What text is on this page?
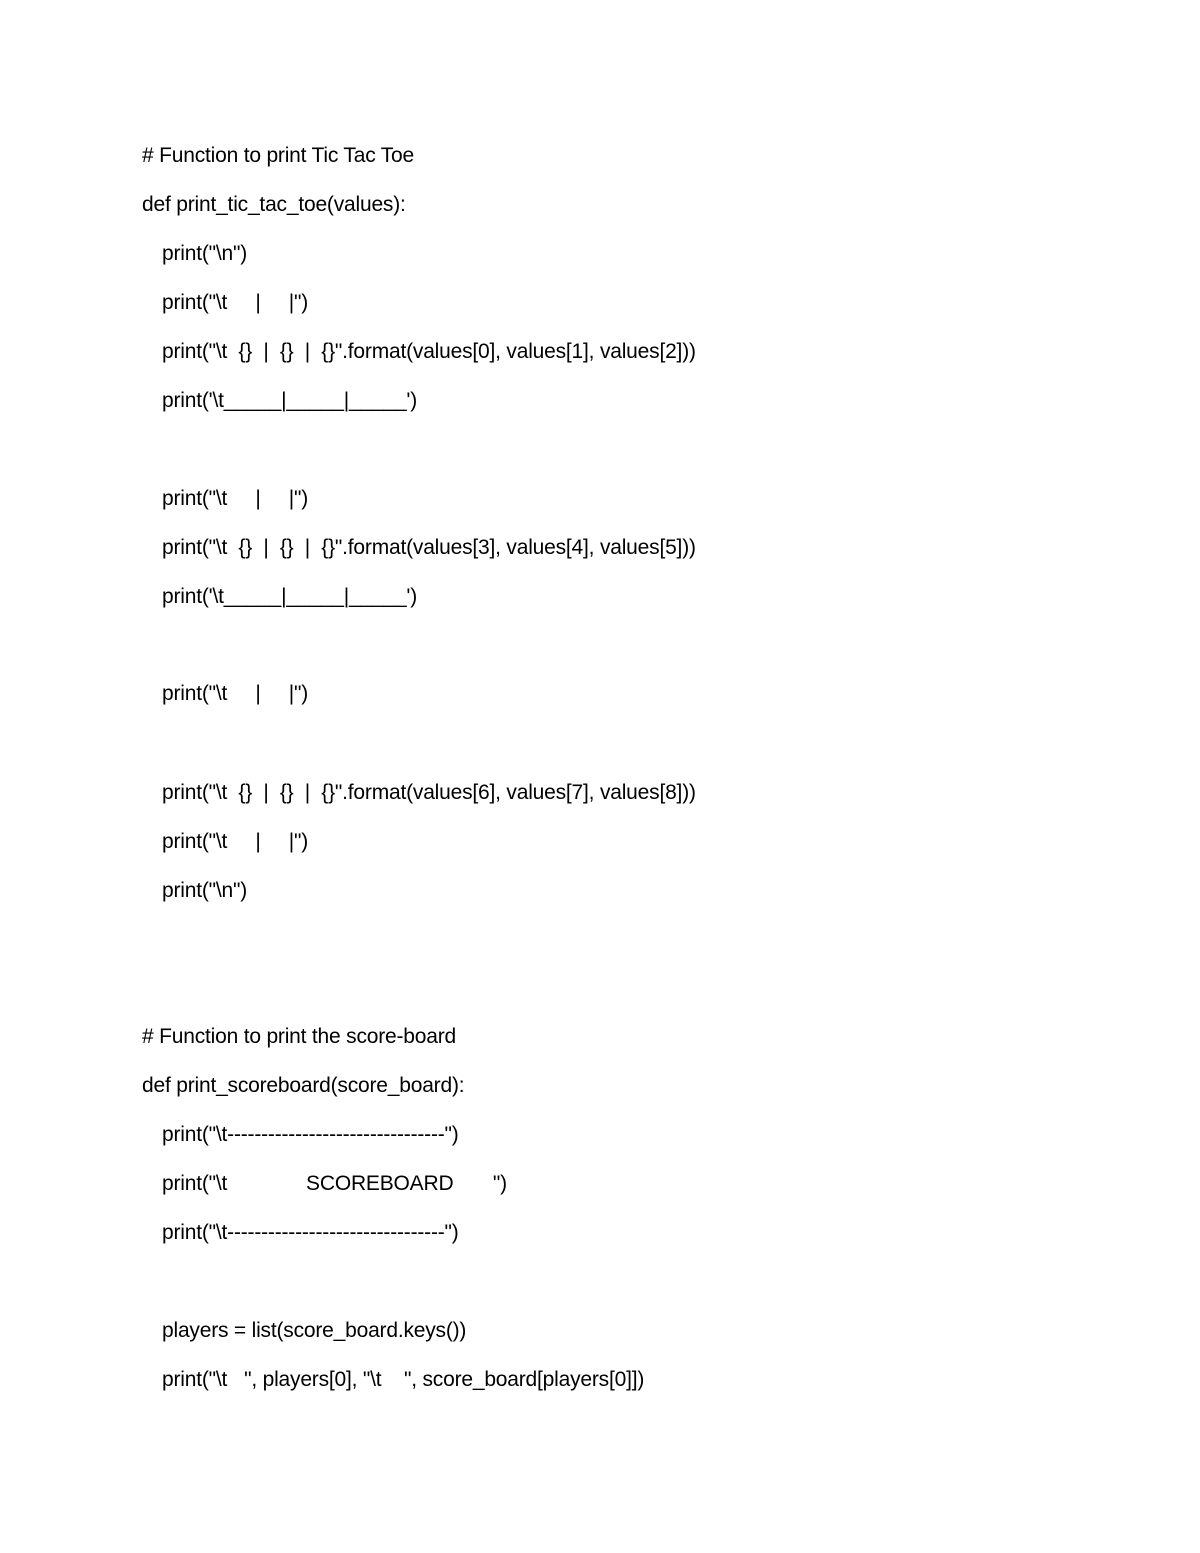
# Function to print Tic Tac Toe
def print_tic_tac_toe(values):
print("\n")
print("\t     |     |")
print("\t  {}  |  {}  |  {}".format(values[0], values[1], values[2]))
print('\t_____|_____|_____')
print("\t     |     |")
print("\t  {}  |  {}  |  {}".format(values[3], values[4], values[5]))
print('\t_____|_____|_____')
print("\t     |     |")
print("\t  {}  |  {}  |  {}".format(values[6], values[7], values[8]))
print("\t     |     |")
print("\n")
# Function to print the score-board
def print_scoreboard(score_board):
print("\t--------------------------------")
print("\t              SCOREBOARD       ")
print("\t--------------------------------")
players = list(score_board.keys())
print("\t   ", players[0], "\t    ", score_board[players[0]])
